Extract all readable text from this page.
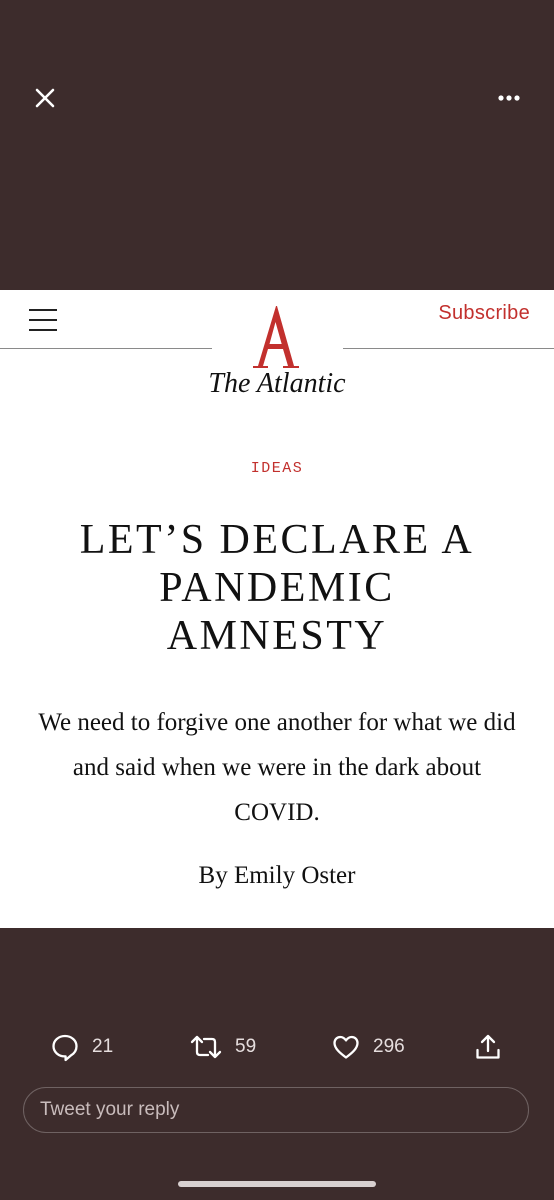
Subscribe
The Atlantic
IDEAS
LET’S DECLARE A
PANDEMIC
AMNESTY

We need to forgive one another for what we did and said when we were in the dark about COVID.

By Emily Oster
21	59	296
Tweet your reply
